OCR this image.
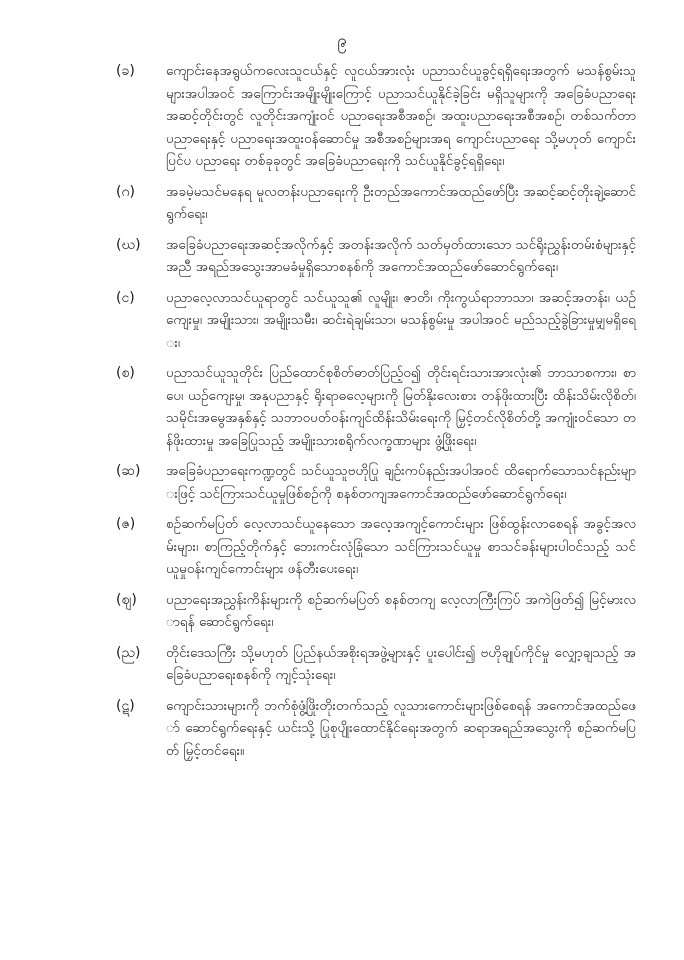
၉
(ခ)	ကျောင်းနေအရွယ်ကလေးသူငယ်နှင့် လူငယ်အားလုံး ပညာသင်ယူခွင့်ရရှိရေးအတွက် မသန်စွမ်းသူများအပါအဝင် အကြောင်းအမျိုးမျိုးကြောင့် ပညာသင်ယူနိုင်ခဲ့ခြင်း မရှိသူများကို အခြေခံပညာရေးအဆင့်တိုင်းတွင် လူတိုင်းအကျုံးဝင် ပညာရေးအစီအစဉ်၊ အထူးပညာရေးအစီအစဉ်၊ တစ်သက်တာပညာရေးနှင့် ပညာရေးအထူးဝန်ဆောင်မှု အစီအစဉ်များအရ ကျောင်းပညာရေး သို့မဟုတ် ကျောင်းပြင်ပ ပညာရေး တစ်ခုခုတွင် အခြေခံပညာရေးကို သင်ယူနိုင်ခွင့်ရရှိရေး၊
(ဂ)	အခမဲ့မသင်မနေရ မူလတန်းပညာရေးကို ဦးတည်အကောင်အထည်ဖော်ပြီး အဆင့်ဆင့်တိုးချဲ့ဆောင်ရွက်ရေး၊
(ဃ)	အခြေခံပညာရေးအဆင့်အလိုက်နှင့် အတန်းအလိုက် သတ်မှတ်ထားသော သင်ရိုးညွှန်းတမ်းစံများနှင့်အညီ အရည်အသွေးအာမခံမှုရှိသောစနစ်ကို အကောင်အထည်ဖော်ဆောင်ရွက်ရေး၊
(င)	ပညာလေ့လာသင်ယူရာတွင် သင်ယူသူ၏ လူမျိုး၊ ဇာတိ၊ ကိုးကွယ်ရာဘာသာ၊ အဆင့်အတန်း၊ ယဉ်ကျေးမှု၊ အမျိုးသား၊ အမျိုးသမီး၊ ဆင်းရဲချမ်းသာ၊ မသန်စွမ်းမှု အပါအဝင် မည်သည့်ခွဲခြားမှုမျှမရှိရေး၊
(စ)	ပညာသင်ယူသူတိုင်း ပြည်ထောင်စုစိတ်ဓာတ်ပြည့်ဝ၍ တိုင်းရင်းသားအားလုံး၏ ဘာသာစကား၊ စာပေ၊ ယဉ်ကျေးမှု၊ အနုပညာနှင့် ရိုးရာဓလေ့များကို မြတ်နိုးလေးစား တန်ဖိုးထားပြီး ထိန်းသိမ်းလိုစိတ်၊ သမိုင်းအမွေအနှစ်နှင့် သဘာဝပတ်ဝန်းကျင်ထိန်းသိမ်းရေးကို မြှင့်တင်လိုစိတ်တို့ အကျုံးဝင်သော တန်ဖိုးထားမှု အခြေပြုသည့် အမျိုးသားစရိုက်လက္ခဏာများ ဖွံ့ဖြိုးရေး၊
(ဆ)	အခြေခံပညာရေးကဏ္ဍတွင် သင်ယူသူဗဟိုပြု ချဉ်းကပ်နည်းအပါအဝင် ထိရောက်သောသင်နည်းများဖြင့် သင်ကြားသင်ယူမှုဖြစ်စဉ်ကို စနစ်တကျအကောင်အထည်ဖော်ဆောင်ရွက်ရေး၊
(ဇ)	စဉ်ဆက်မပြတ် လေ့လာသင်ယူနေသော အလေ့အကျင့်ကောင်းများ ဖြစ်ထွန်းလာစေရန် အခွင့်အလမ်းများ၊ စာကြည့်တိုက်နှင့် ဘေးကင်းလုံခြုံသော သင်ကြားသင်ယူမှု စာသင်ခန်းများပါဝင်သည့် သင်ယူမှုဝန်းကျင်ကောင်းများ ဖန်တီးပေးရေး၊
(ဈ)	ပညာရေးအညွှန်းကိန်းများကို စဉ်ဆက်မပြတ် စနစ်တကျ လေ့လာကြီးကြပ် အကဲဖြတ်၍ မြင့်မားလာရန် ဆောင်ရွက်ရေး၊
(ည)	တိုင်းဒေသကြီး သို့မဟုတ် ပြည်နယ်အစိုးရအဖွဲ့များနှင့် ပူးပေါင်း၍ ဗဟိုချုပ်ကိုင်မှု လျှော့ချသည့် အခြေခံပညာရေးစနစ်ကို ကျင့်သုံးရေး၊
(ဋ)	ကျောင်းသားများကို ဘက်စုံဖွံ့ဖြိုးတိုးတက်သည့် လူသားကောင်းများဖြစ်စေရန် အကောင်အထည်ဖော် ဆောင်ရွက်ရေးနှင့် ယင်းသို့ ပြုစုပျိုးထောင်နိုင်ရေးအတွက် ဆရာအရည်အသွေးကို စဉ်ဆက်မပြတ် မြှင့်တင်ရေး။
